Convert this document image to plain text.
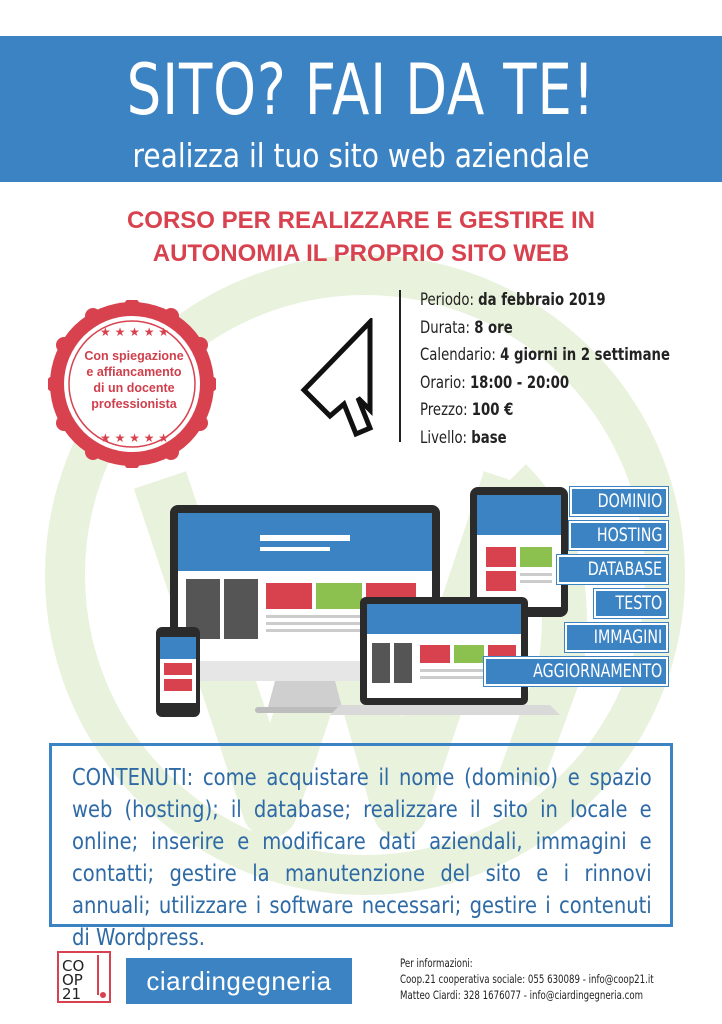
SITO? FAI DA TE!
realizza il tuo sito web aziendale
CORSO PER REALIZZARE E GESTIRE IN
AUTONOMIA IL PROPRIO SITO WEB
★ ★ ★ ★ ★
★ ★ ★ ★ ★
Con spiegazione
e affiancamento
di un docente
professionista
Periodo: da febbraio 2019
Durata: 8 ore
Calendario: 4 giorni in 2 settimane
Orario: 18:00 - 20:00
Prezzo: 100 €
Livello: base
DOMINIO
HOSTING
DATABASE
TESTO
IMMAGINI
AGGIORNAMENTO
CONTENUTI: come acquistare il nome (dominio) e spazio web (hosting); il database; realizzare il sito in locale e online; inserire e modificare dati aziendali, immagini e contatti; gestire la manutenzione del sito e i rinnovi annuali; utilizzare i software necessari; gestire i contenuti di Wordpress.
CO
OP
21	ciardingegneria
Per informazioni:
Coop.21 cooperativa sociale: 055 630089 - info@coop21.it
Matteo Ciardi: 328 1676077 - info@ciardingegneria.com
